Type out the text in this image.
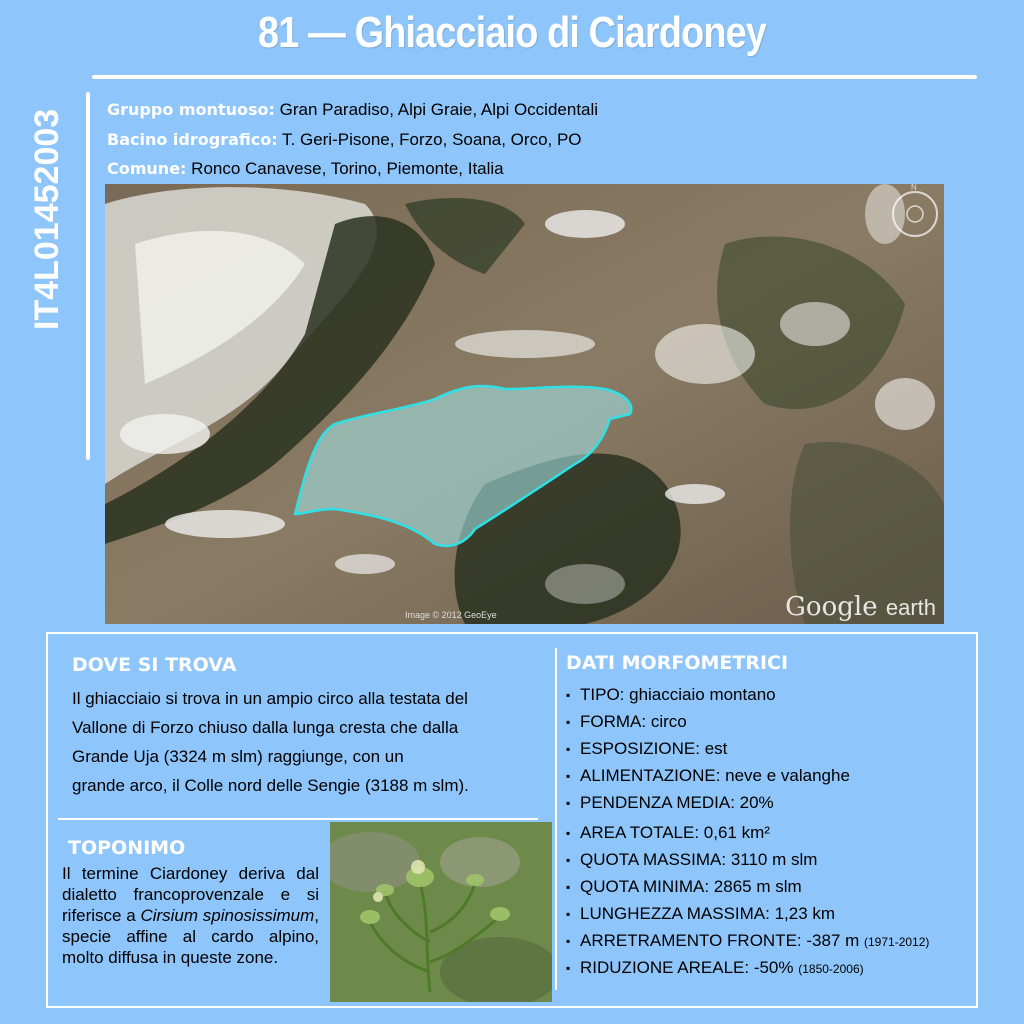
81 — Ghiacciaio di Ciardoney
IT4L01452003	Gruppo montuoso: Gran Paradiso, Alpi Graie, Alpi Occidentali
Bacino idrografico: T. Geri-Pisone, Forzo, Soana, Orco, PO
Comune: Ronco Canavese, Torino, Piemonte, Italia
N
Image © 2012 GeoEye	Google earth
DOVE SI TROVA
Il ghiacciaio si trova in un ampio circo alla testata del
Vallone di Forzo chiuso dalla lunga cresta che dalla
Grande Uja (3324 m slm) raggiunge, con un
grande arco, il Colle nord delle Sengie (3188 m slm).
TOPONIMO
Il termine Ciardoney deriva dal dialetto francoprovenzale e si riferisce a Cirsium spinosissimum, specie affine al cardo alpino, molto diffusa in queste zone.
DATI MORFOMETRICI
▪ TIPO: ghiacciaio montano
▪ FORMA: circo
▪ ESPOSIZIONE: est
▪ ALIMENTAZIONE: neve e valanghe
▪ PENDENZA MEDIA: 20%
▪ AREA TOTALE: 0,61 km²
▪ QUOTA MASSIMA: 3110 m slm
▪ QUOTA MINIMA: 2865 m slm
▪ LUNGHEZZA MASSIMA: 1,23 km
▪ ARRETRAMENTO FRONTE: -387 m (1971-2012)
▪ RIDUZIONE AREALE: -50% (1850-2006)
